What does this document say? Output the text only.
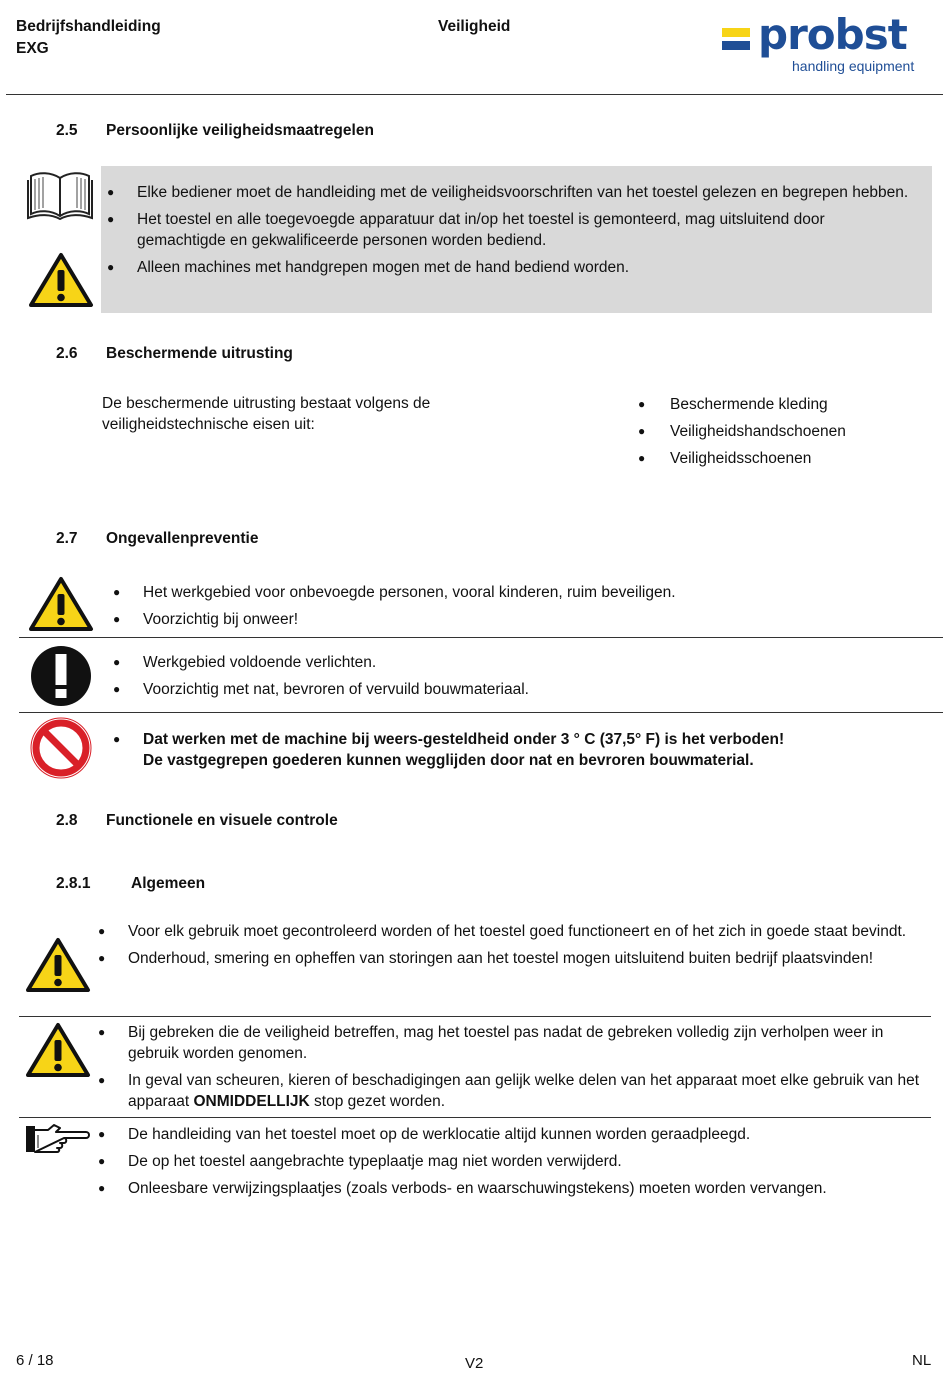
Bedrijfshandleiding
EXG
Veiligheid	probst
handling equipment
2.5 Persoonlijke veiligheidsmaatregelen
● Elke bediener moet de handleiding met de veiligheidsvoorschriften van het toestel gelezen en begrepen hebben.
● Het toestel en alle toegevoegde apparatuur dat in/op het toestel is gemonteerd, mag uitsluitend door gemachtigde en gekwalificeerde personen worden bediend.
● Alleen machines met handgrepen mogen met de hand bediend worden.
2.6 Beschermende uitrusting
De beschermende uitrusting bestaat volgens de veiligheidstechnische eisen uit:
● Beschermende kleding
● Veiligheidshandschoenen
● Veiligheidsschoenen
2.7 Ongevallenpreventie
● Het werkgebied voor onbevoegde personen, vooral kinderen, ruim beveiligen.
● Voorzichtig bij onweer!
● Werkgebied voldoende verlichten.
● Voorzichtig met nat, bevroren of vervuild bouwmateriaal.
● Dat werken met de machine bij weers-gesteldheid onder 3 ° C (37,5° F) is het verboden!
De vastgegrepen goederen kunnen wegglijden door nat en bevroren bouwmaterial.
2.8 Functionele en visuele controle
2.8.1	Algemeen
● Voor elk gebruik moet gecontroleerd worden of het toestel goed functioneert en of het zich in goede staat bevindt.
● Onderhoud, smering en opheffen van storingen aan het toestel mogen uitsluitend buiten bedrijf plaatsvinden!
● Bij gebreken die de veiligheid betreffen, mag het toestel pas nadat de gebreken volledig zijn verholpen weer in gebruik worden genomen.
● In geval van scheuren, kieren of beschadigingen aan gelijk welke delen van het apparaat moet elke gebruik van het apparaat ONMIDDELLIJK stop gezet worden.
● De handleiding van het toestel moet op de werklocatie altijd kunnen worden geraadpleegd.
● De op het toestel aangebrachte typeplaatje mag niet worden verwijderd.
● Onleesbare verwijzingsplaatjes (zoals verbods- en waarschuwingstekens) moeten worden vervangen.
6 / 18	V2	NL
